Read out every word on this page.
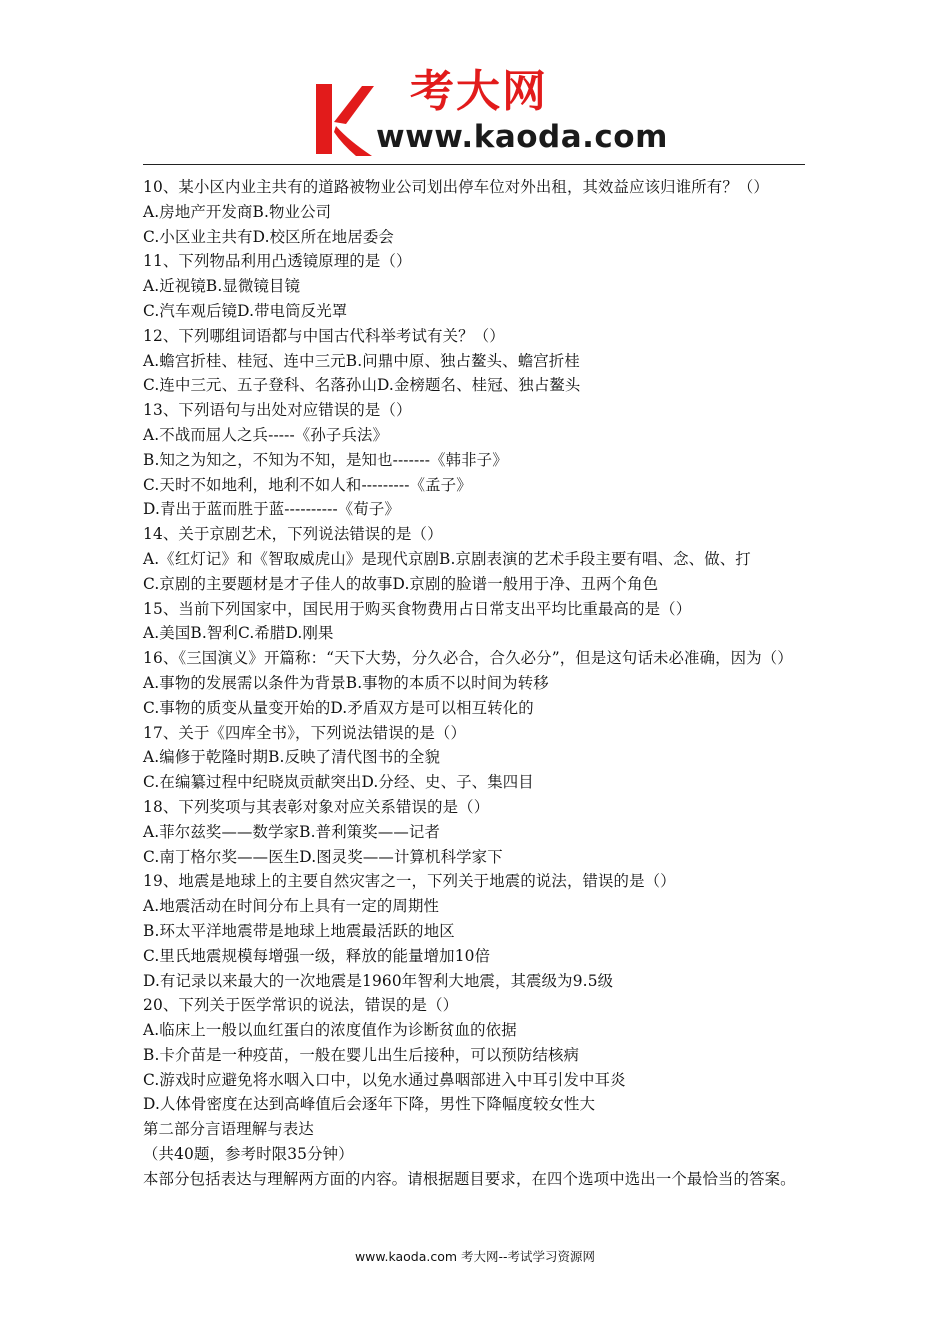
考大网
www.kaoda.com
10、某小区内业主共有的道路被物业公司划出停车位对外出租，其效益应该归谁所有？（）
A.房地产开发商B.物业公司
C.小区业主共有D.校区所在地居委会
11、下列物品利用凸透镜原理的是（）
A.近视镜B.显微镜目镜
C.汽车观后镜D.带电筒反光罩
12、下列哪组词语都与中国古代科举考试有关？（）
A.蟾宫折桂、桂冠、连中三元B.问鼎中原、独占鳌头、蟾宫折桂
C.连中三元、五子登科、名落孙山D.金榜题名、桂冠、独占鳌头
13、下列语句与出处对应错误的是（）
A.不战而屈人之兵-----《孙子兵法》
B.知之为知之，不知为不知，是知也-------《韩非子》
C.天时不如地利，地利不如人和---------《孟子》
D.青出于蓝而胜于蓝----------《荀子》
14、关于京剧艺术，下列说法错误的是（）
A.《红灯记》和《智取威虎山》是现代京剧B.京剧表演的艺术手段主要有唱、念、做、打
C.京剧的主要题材是才子佳人的故事D.京剧的脸谱一般用于净、丑两个角色
15、当前下列国家中，国民用于购买食物费用占日常支出平均比重最高的是（）
A.美国B.智利C.希腊D.刚果
16、《三国演义》开篇称：“天下大势，分久必合，合久必分”，但是这句话未必准确，因为（）
A.事物的发展需以条件为背景B.事物的本质不以时间为转移
C.事物的质变从量变开始的D.矛盾双方是可以相互转化的
17、关于《四库全书》，下列说法错误的是（）
A.编修于乾隆时期B.反映了清代图书的全貌
C.在编纂过程中纪晓岚贡献突出D.分经、史、子、集四目
18、下列奖项与其表彰对象对应关系错误的是（）
A.菲尔兹奖——数学家B.普利策奖——记者
C.南丁格尔奖——医生D.图灵奖——计算机科学家下
19、地震是地球上的主要自然灾害之一，下列关于地震的说法，错误的是（）
A.地震活动在时间分布上具有一定的周期性
B.环太平洋地震带是地球上地震最活跃的地区
C.里氏地震规模每增强一级，释放的能量增加10倍
D.有记录以来最大的一次地震是1960年智利大地震，其震级为9.5级
20、下列关于医学常识的说法，错误的是（）
A.临床上一般以血红蛋白的浓度值作为诊断贫血的依据
B.卡介苗是一种疫苗，一般在婴儿出生后接种，可以预防结核病
C.游戏时应避免将水咽入口中，以免水通过鼻咽部进入中耳引发中耳炎
D.人体骨密度在达到高峰值后会逐年下降，男性下降幅度较女性大
第二部分言语理解与表达
（共40题，参考时限35分钟）
本部分包括表达与理解两方面的内容。请根据题目要求，在四个选项中选出一个最恰当的答案。
www.kaoda.com 考大网--考试学习资源网
